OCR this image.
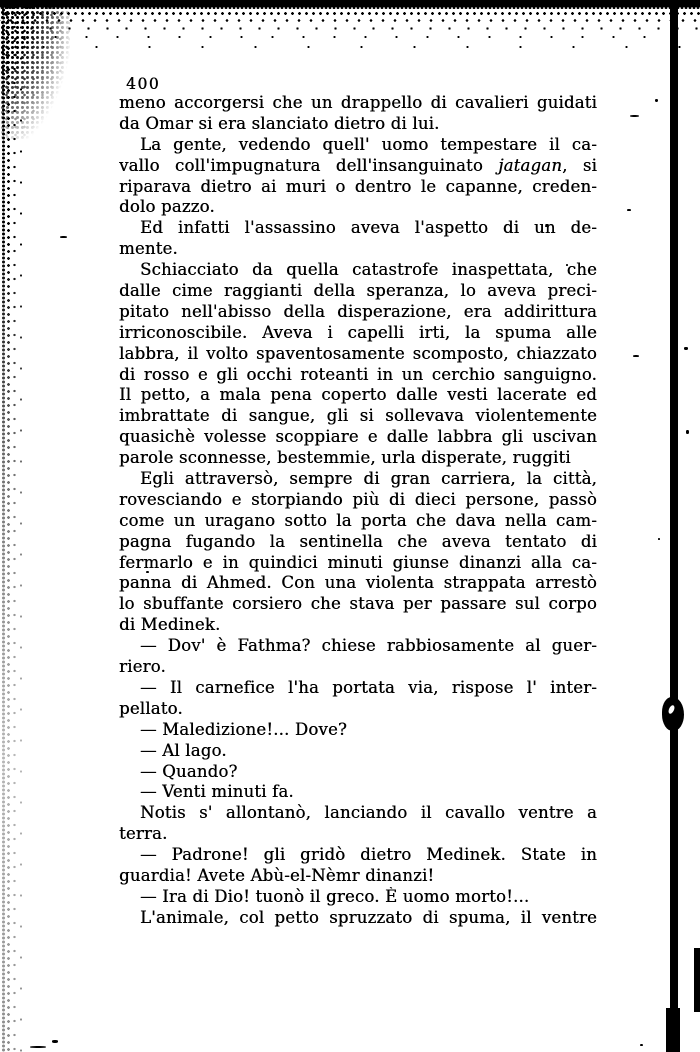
400
meno accorgersi che un drappello di cavalieri guidati
da Omar si era slanciato dietro di lui.
La gente, vedendo quell' uomo tempestare il ca-
vallo coll'impugnatura dell'insanguinato jatagan, si
riparava dietro ai muri o dentro le capanne, creden-
dolo pazzo.
Ed infatti l'assassino aveva l'aspetto di un de-
mente.
Schiacciato da quella catastrofe inaspettata, che
dalle cime raggianti della speranza, lo aveva preci-
pitato nell'abisso della disperazione, era addirittura
irriconoscibile. Aveva i capelli irti, la spuma alle
labbra, il volto spaventosamente scomposto, chiazzato
di rosso e gli occhi roteanti in un cerchio sanguigno.
Il petto, a mala pena coperto dalle vesti lacerate ed
imbrattate di sangue, gli si sollevava violentemente
quasichè volesse scoppiare e dalle labbra gli uscivan
parole sconnesse, bestemmie, urla disperate, ruggiti
Egli attraversò, sempre di gran carriera, la città,
rovesciando e storpiando più di dieci persone, passò
come un uragano sotto la porta che dava nella cam-
pagna fugando la sentinella che aveva tentato di
fermarlo e in quindici minuti giunse dinanzi alla ca-
panna di Ahmed. Con una violenta strappata arrestò
lo sbuffante corsiero che stava per passare sul corpo
di Medinek.
— Dov' è Fathma? chiese rabbiosamente al guer-
riero.
— Il carnefice l'ha portata via, rispose l' inter-
pellato.
— Maledizione!... Dove?
— Al lago.
— Quando?
— Venti minuti fa.
Notis s' allontanò, lanciando il cavallo ventre a
terra.
— Padrone! gli gridò dietro Medinek. State in
guardia! Avete Abù-el-Nèmr dinanzi!
— Ira di Dio! tuonò il greco. È uomo morto!...
L'animale, col petto spruzzato di spuma, il ventre
